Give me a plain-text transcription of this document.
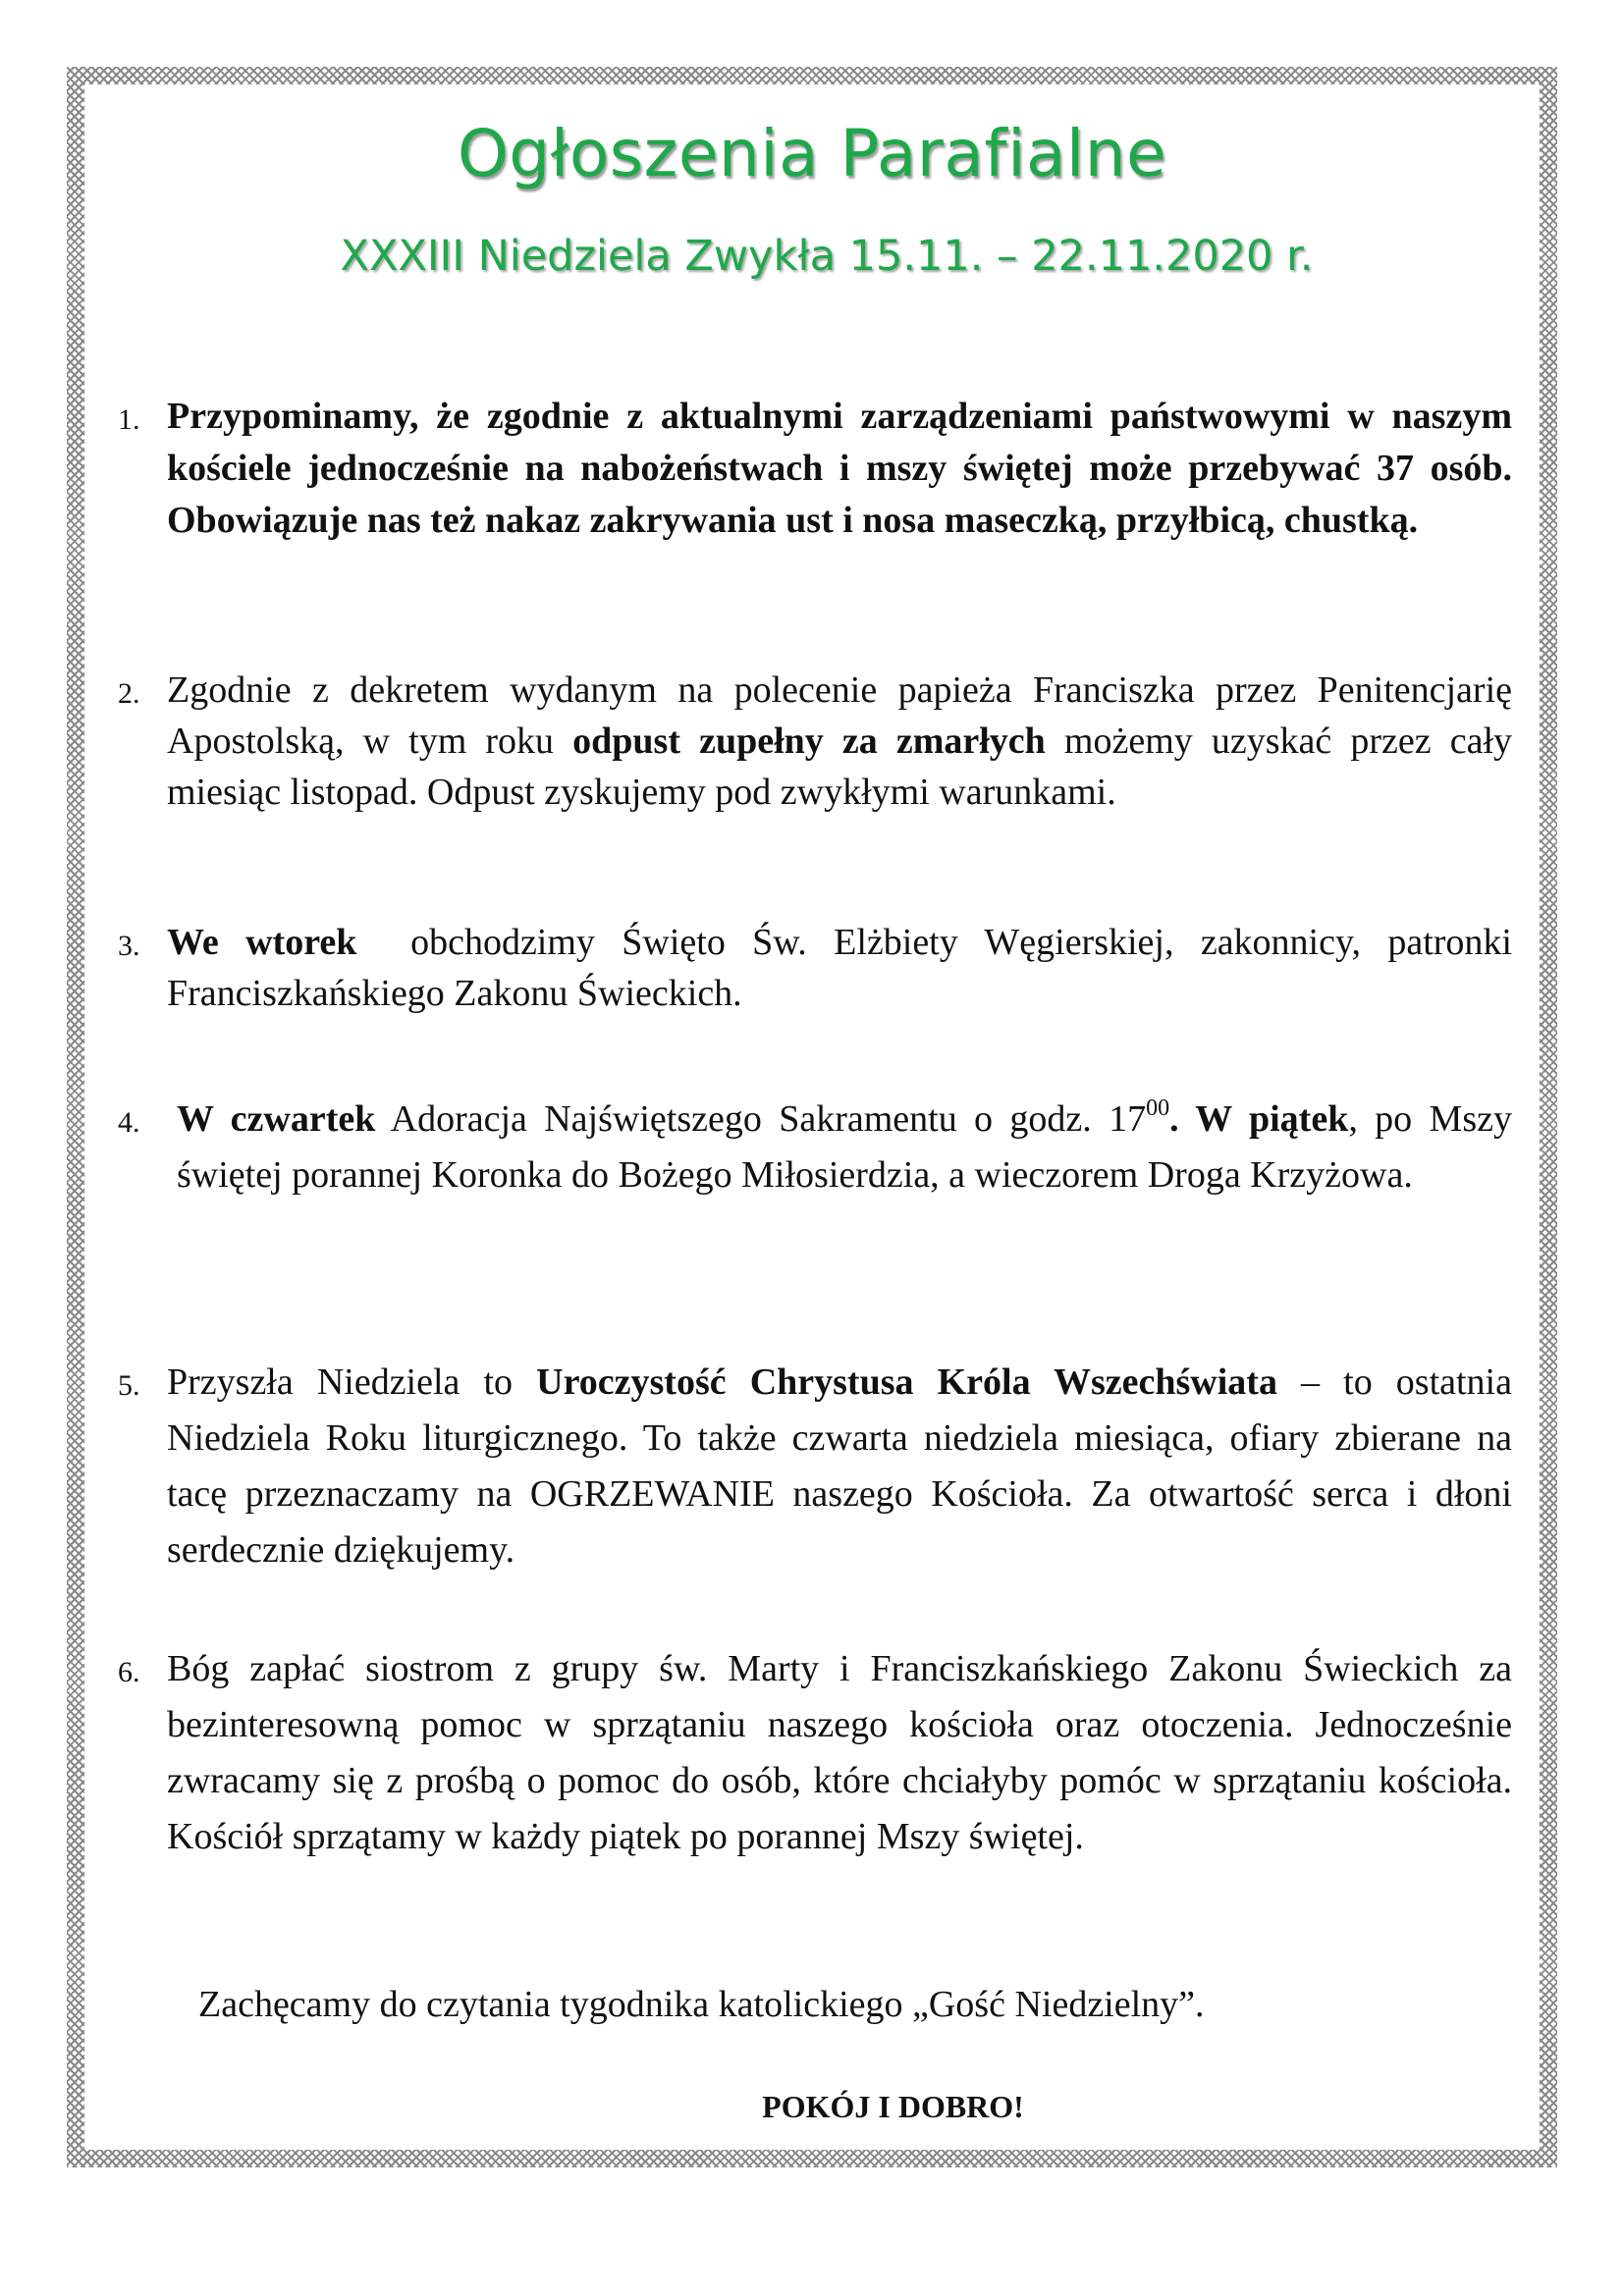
Ogłoszenia Parafialne
XXXIII Niedziela Zwykła 15.11. – 22.11.2020 r.
1. Przypominamy, że zgodnie z aktualnymi zarządzeniami państwowymi w naszym kościele jednocześnie na nabożeństwach i mszy świętej może przebywać 37 osób. Obowiązuje nas też nakaz zakrywania ust i nosa maseczką, przyłbicą, chustką.
2. Zgodnie z dekretem wydanym na polecenie papieża Franciszka przez Penitencjarię Apostolską, w tym roku odpust zupełny za zmarłych możemy uzyskać przez cały miesiąc listopad. Odpust zyskujemy pod zwykłymi warunkami.
3. We wtorek  obchodzimy Święto Św. Elżbiety Węgierskiej, zakonnicy, patronki Franciszkańskiego Zakonu Świeckich.
4. W czwartek Adoracja Najświętszego Sakramentu o godz. $17^{00}$. W piątek, po Mszy świętej porannej Koronka do Bożego Miłosierdzia, a wieczorem Droga Krzyżowa.
5. Przyszła Niedziela to Uroczystość Chrystusa Króla Wszechświata – to ostatnia Niedziela Roku liturgicznego. To także czwarta niedziela miesiąca, ofiary zbierane na tacę przeznaczamy na OGRZEWANIE naszego Kościoła. Za otwartość serca i dłoni serdecznie dziękujemy.
6. Bóg zapłać siostrom z grupy św. Marty i Franciszkańskiego Zakonu Świeckich za bezinteresowną pomoc w sprzątaniu naszego kościoła oraz otoczenia. Jednocześnie zwracamy się z prośbą o pomoc do osób, które chciałyby pomóc w sprzątaniu kościoła. Kościół sprzątamy w każdy piątek po porannej Mszy świętej.
Zachęcamy do czytania tygodnika katolickiego „Gość Niedzielny”.
POKÓJ I DOBRO!
